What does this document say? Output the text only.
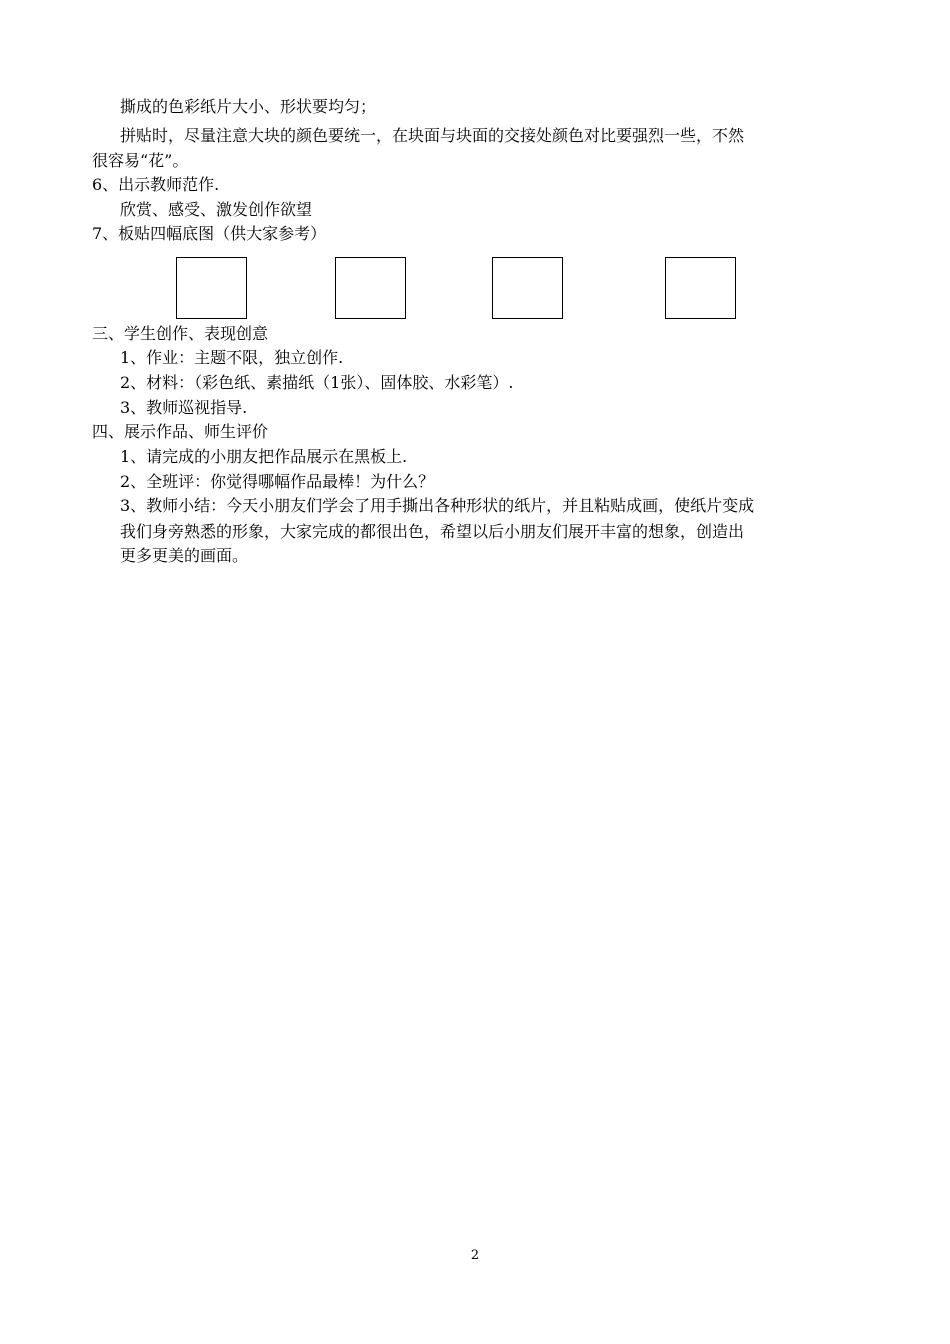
撕成的色彩纸片大小、形状要均匀；
拼贴时，尽量注意大块的颜色要统一，在块面与块面的交接处颜色对比要强烈一些，不然
很容易“花”。
6、出示教师范作.
欣赏、感受、激发创作欲望
7、板贴四幅底图（供大家参考）
三、学生创作、表现创意
1、作业：主题不限，独立创作.
2、材料：（彩色纸、素描纸（1张）、固体胶、水彩笔）.
3、教师巡视指导.
四、展示作品、师生评价
1、请完成的小朋友把作品展示在黑板上.
2、全班评：你觉得哪幅作品最棒！为什么？
3、教师小结：今天小朋友们学会了用手撕出各种形状的纸片，并且粘贴成画，使纸片变成
我们身旁熟悉的形象，大家完成的都很出色，希望以后小朋友们展开丰富的想象，创造出
更多更美的画面。
2
